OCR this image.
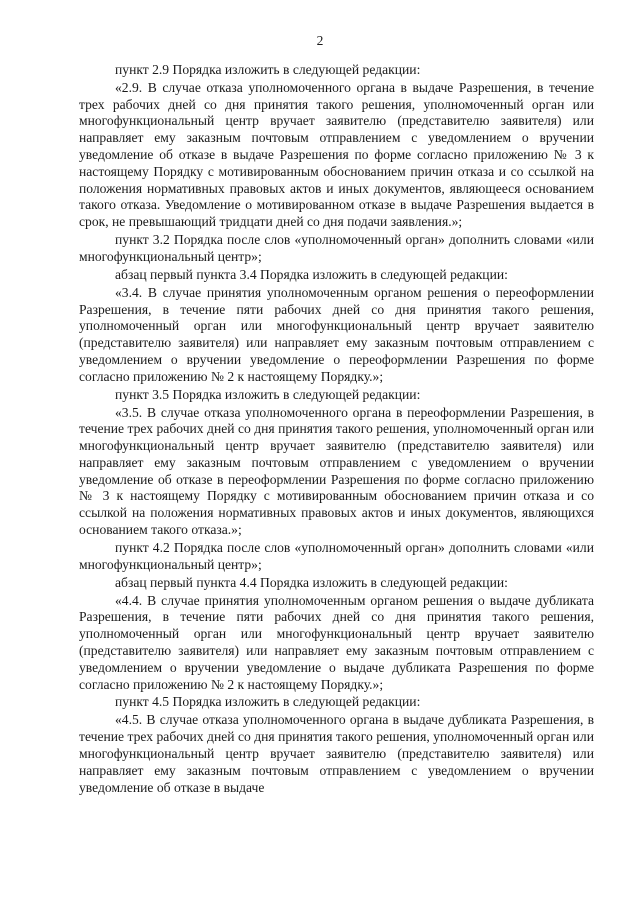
2

пункт 2.9 Порядка изложить в следующей редакции:

«2.9. В случае отказа уполномоченного органа в выдаче Разрешения, в течение трех рабочих дней со дня принятия такого решения, уполномоченный орган или многофункциональный центр вручает заявителю (представителю заявителя) или направляет ему заказным почтовым отправлением с уведомлением о вручении уведомление об отказе в выдаче Разрешения по форме согласно приложению № 3 к настоящему Порядку с мотивированным обоснованием причин отказа и со ссылкой на положения нормативных правовых актов и иных документов, являющееся основанием такого отказа. Уведомление о мотивированном отказе в выдаче Разрешения выдается в срок, не превышающий тридцати дней со дня подачи заявления.»;

пункт 3.2 Порядка после слов «уполномоченный орган» дополнить словами «или многофункциональный центр»;

абзац первый пункта 3.4 Порядка изложить в следующей редакции:

«3.4. В случае принятия уполномоченным органом решения о переоформлении Разрешения, в течение пяти рабочих дней со дня принятия такого решения, уполномоченный орган или многофункциональный центр вручает заявителю (представителю заявителя) или направляет ему заказным почтовым отправлением с уведомлением о вручении уведомление о переоформлении Разрешения по форме согласно приложению № 2 к настоящему Порядку.»;

пункт 3.5 Порядка изложить в следующей редакции:

«3.5. В случае отказа уполномоченного органа в переоформлении Разрешения, в течение трех рабочих дней со дня принятия такого решения, уполномоченный орган или многофункциональный центр вручает заявителю (представителю заявителя) или направляет ему заказным почтовым отправлением с уведомлением о вручении уведомление об отказе в переоформлении Разрешения по форме согласно приложению № 3 к настоящему Порядку с мотивированным обоснованием причин отказа и со ссылкой на положения нормативных правовых актов и иных документов, являющихся основанием такого отказа.»;

пункт 4.2 Порядка после слов «уполномоченный орган» дополнить словами «или многофункциональный центр»;

абзац первый пункта 4.4 Порядка изложить в следующей редакции:

«4.4. В случае принятия уполномоченным органом решения о выдаче дубликата Разрешения, в течение пяти рабочих дней со дня принятия такого решения, уполномоченный орган или многофункциональный центр вручает заявителю (представителю заявителя) или направляет ему заказным почтовым отправлением с уведомлением о вручении уведомление о выдаче дубликата Разрешения по форме согласно приложению № 2 к настоящему Порядку.»;

пункт 4.5 Порядка изложить в следующей редакции:

«4.5. В случае отказа уполномоченного органа в выдаче дубликата Разрешения, в течение трех рабочих дней со дня принятия такого решения, уполномоченный орган или многофункциональный центр вручает заявителю (представителю заявителя) или направляет ему заказным почтовым отправлением с уведомлением о вручении уведомление об отказе в выдаче
